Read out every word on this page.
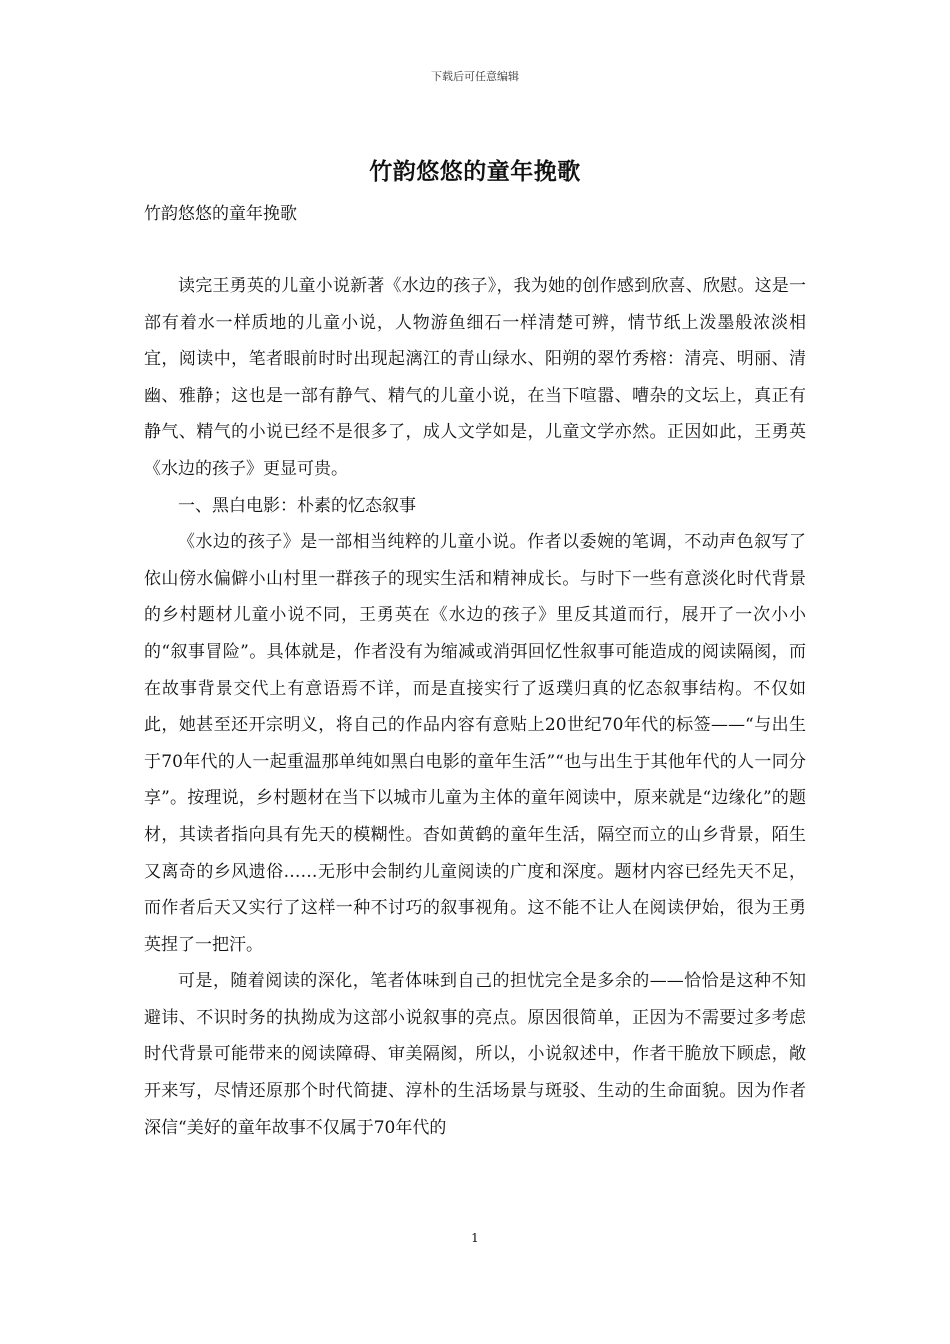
下载后可任意编辑
竹韵悠悠的童年挽歌
竹韵悠悠的童年挽歌

读完王勇英的儿童小说新著《水边的孩子》，我为她的创作感到欣喜、欣慰。这是一部有着水一样质地的儿童小说，人物游鱼细石一样清楚可辨，情节纸上泼墨般浓淡相宜，阅读中，笔者眼前时时出现起漓江的青山绿水、阳朔的翠竹秀榕：清亮、明丽、清幽、雅静；这也是一部有静气、精气的儿童小说，在当下喧嚣、嘈杂的文坛上，真正有静气、精气的小说已经不是很多了，成人文学如是，儿童文学亦然。正因如此，王勇英《水边的孩子》更显可贵。

一、黑白电影：朴素的忆态叙事

《水边的孩子》是一部相当纯粹的儿童小说。作者以委婉的笔调，不动声色叙写了依山傍水偏僻小山村里一群孩子的现实生活和精神成长。与时下一些有意淡化时代背景的乡村题材儿童小说不同，王勇英在《水边的孩子》里反其道而行，展开了一次小小的“叙事冒险”。具体就是，作者没有为缩减或消弭回忆性叙事可能造成的阅读隔阂，而在故事背景交代上有意语焉不详，而是直接实行了返璞归真的忆态叙事结构。不仅如此，她甚至还开宗明义，将自己的作品内容有意贴上20世纪70年代的标签——“与出生于70年代的人一起重温那单纯如黑白电影的童年生活”“也与出生于其他年代的人一同分享”。按理说，乡村题材在当下以城市儿童为主体的童年阅读中，原来就是“边缘化”的题材，其读者指向具有先天的模糊性。杳如黄鹤的童年生活，隔空而立的山乡背景，陌生又离奇的乡风遗俗……无形中会制约儿童阅读的广度和深度。题材内容已经先天不足，而作者后天又实行了这样一种不讨巧的叙事视角。这不能不让人在阅读伊始，很为王勇英捏了一把汗。

可是，随着阅读的深化，笔者体味到自己的担忧完全是多余的——恰恰是这种不知避讳、不识时务的执拗成为这部小说叙事的亮点。原因很简单，正因为不需要过多考虑时代背景可能带来的阅读障碍、审美隔阂，所以，小说叙述中，作者干脆放下顾虑，敞开来写，尽情还原那个时代简捷、淳朴的生活场景与斑驳、生动的生命面貌。因为作者深信“美好的童年故事不仅属于70年代的

1
